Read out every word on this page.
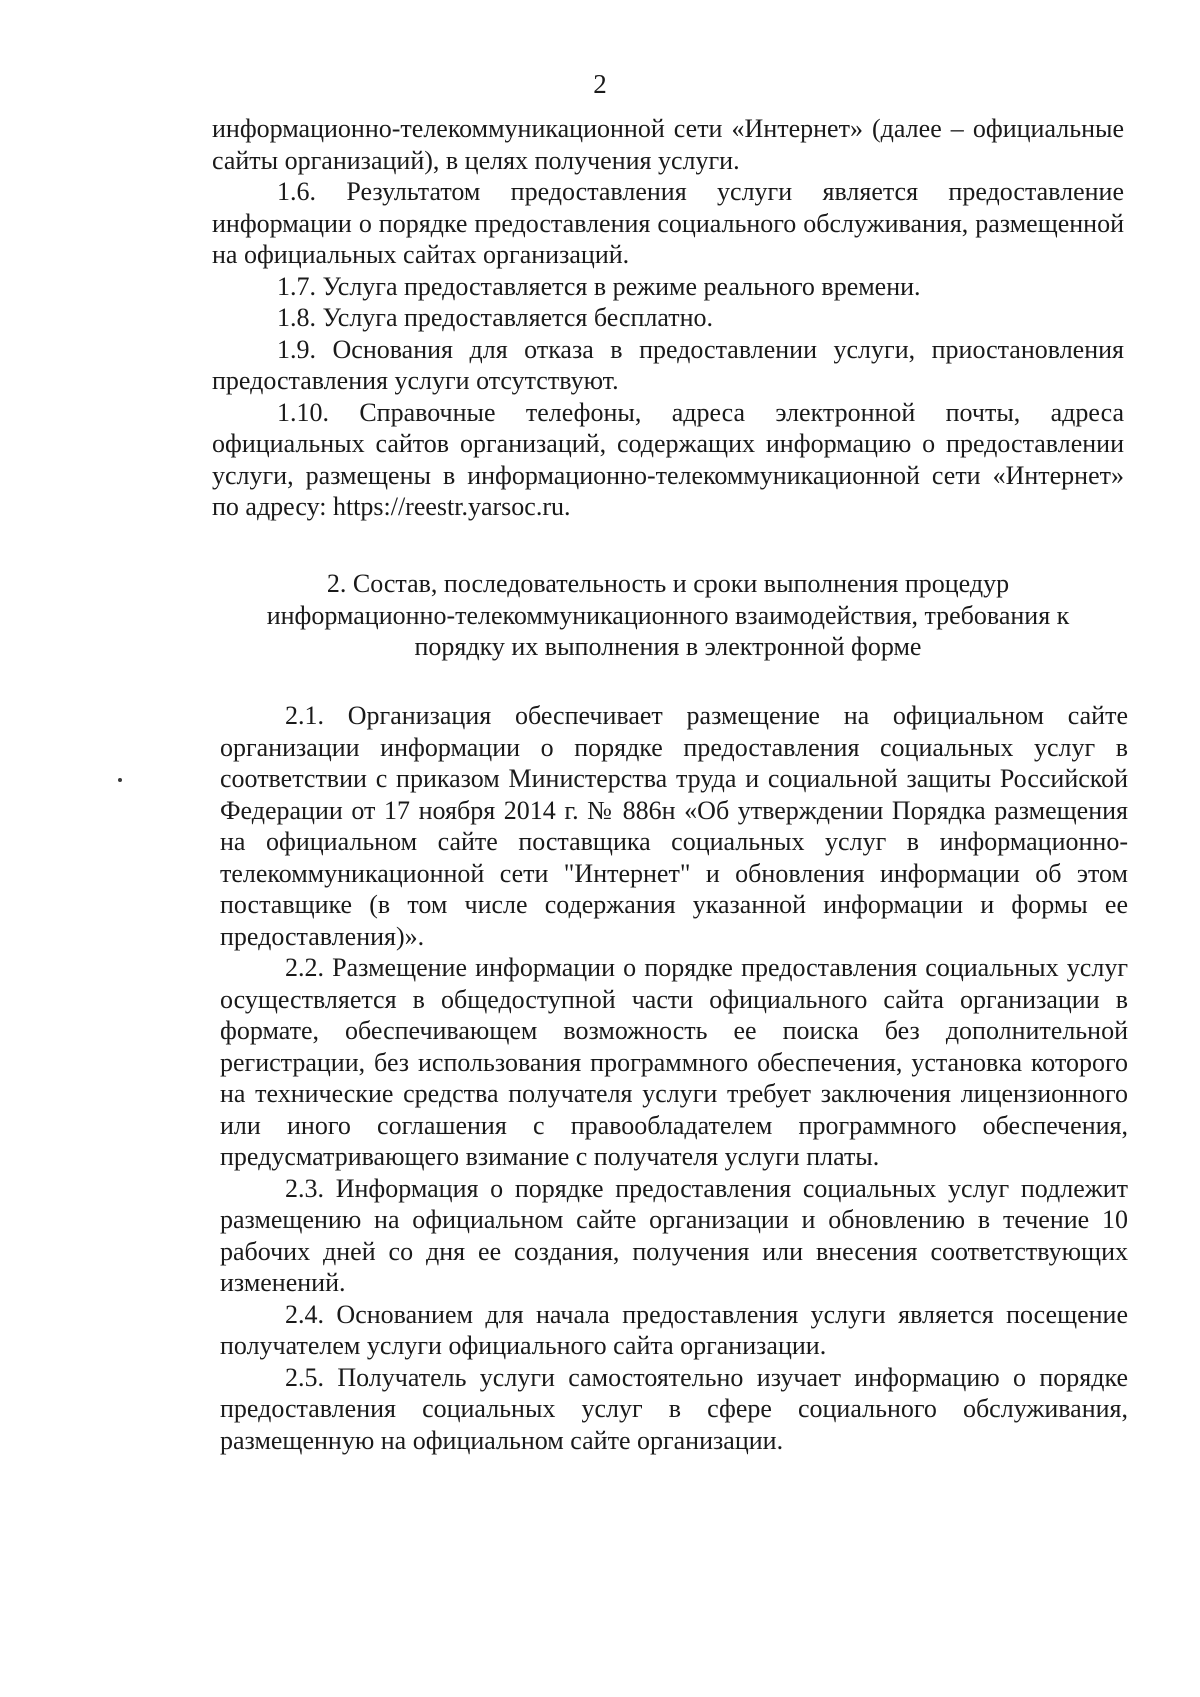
2

информационно-телекоммуникационной сети «Интернет» (далее – официальные сайты организаций), в целях получения услуги.

1.6. Результатом предоставления услуги является предоставление информации о порядке предоставления социального обслуживания, размещенной на официальных сайтах организаций.

1.7. Услуга предоставляется в режиме реального времени.

1.8. Услуга предоставляется бесплатно.

1.9. Основания для отказа в предоставлении услуги, приостановления предоставления услуги отсутствуют.

1.10. Справочные телефоны, адреса электронной почты, адреса официальных сайтов организаций, содержащих информацию о предоставлении услуги, размещены в информационно-телекоммуникационной сети «Интернет» по адресу: https://reestr.yarsoc.ru.

2. Состав, последовательность и сроки выполнения процедур
информационно-телекоммуникационного взаимодействия, требования к
порядку их выполнения в электронной форме

2.1. Организация обеспечивает размещение на официальном сайте организации информации о порядке предоставления социальных услуг в соответствии с приказом Министерства труда и социальной защиты Российской Федерации от 17 ноября 2014 г. № 886н «Об утверждении Порядка размещения на официальном сайте поставщика социальных услуг в информационно-телекоммуникационной сети "Интернет" и обновления информации об этом поставщике (в том числе содержания указанной информации и формы ее предоставления)».

2.2. Размещение информации о порядке предоставления социальных услуг осуществляется в общедоступной части официального сайта организации в формате, обеспечивающем возможность ее поиска без дополнительной регистрации, без использования программного обеспечения, установка которого на технические средства получателя услуги требует заключения лицензионного или иного соглашения с правообладателем программного обеспечения, предусматривающего взимание с получателя услуги платы.

2.3. Информация о порядке предоставления социальных услуг подлежит размещению на официальном сайте организации и обновлению в течение 10 рабочих дней со дня ее создания, получения или внесения соответствующих изменений.

2.4. Основанием для начала предоставления услуги является посещение получателем услуги официального сайта организации.

2.5. Получатель услуги самостоятельно изучает информацию о порядке предоставления социальных услуг в сфере социального обслуживания, размещенную на официальном сайте организации.
